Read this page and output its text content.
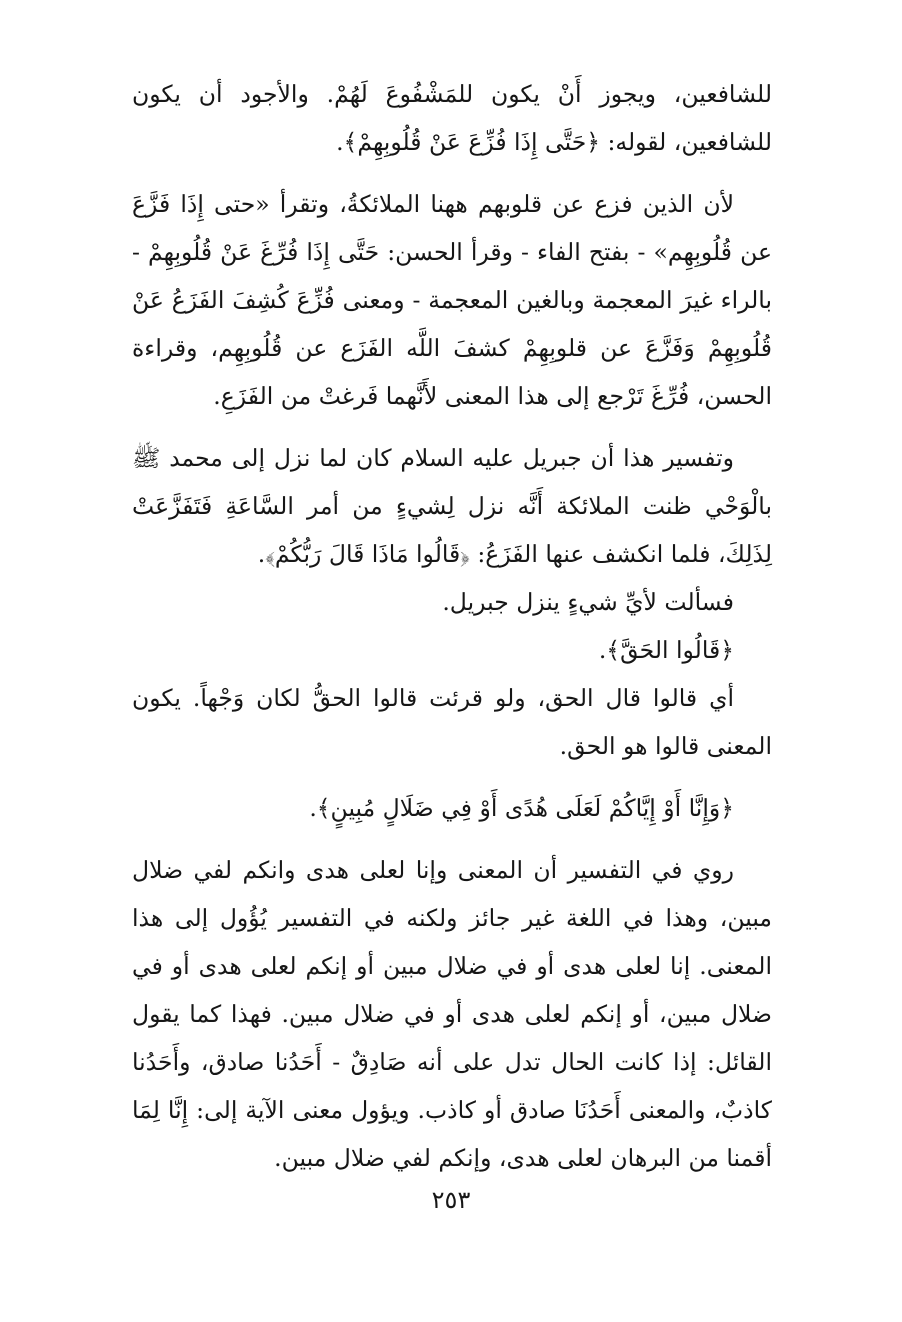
للشافعين، ويجوز أَنْ يكون للمَشْفُوعَ لَهُمْ. والأجود أن يكون للشافعين، لقوله: ﴿حَتَّى إِذَا فُزِّعَ عَنْ قُلُوبِهِمْ﴾.

لأن الذين فزع عن قلوبهم ههنا الملائكةُ، وتقرأ «حتى إِذَا فَزَّعَ عن قُلُوبِهِم» - بفتح الفاء - وقرأ الحسن: حَتَّى إِذَا فُرِّغَ عَنْ قُلُوبِهِمْ - بالراء غيرَ المعجمة وبالغين المعجمة - ومعنى فُزِّعَ كُشِفَ الفَزَعُ عَنْ قُلُوبِهِمْ وَفَزَّعَ عن قلوبِهِمْ كشفَ اللَّه الفَزَع عن قُلُوبِهِم، وقراءة الحسن، فُرِّغَ تَرْجع إلى هذا المعنى لأَنَّهما فَرغتْ من الفَزَعِ.

وتفسير هذا أن جبريل عليه السلام كان لما نزل إلى محمد ﷺ بالْوَحْي ظنت الملائكة أَنَّه نزل لِشيءٍ من أمر السَّاعَةِ فَتَفَزَّعَتْ لِذَلِكَ، فلما انكشف عنها الفَزَعُ: ﴿قَالُوا مَاذَا قَالَ رَبُّكُمْ﴾.

فسألت لأيِّ شيءٍ ينزل جبريل.

﴿قَالُوا الحَقَّ﴾.

أي قالوا قال الحق، ولو قرئت قالوا الحقُّ لكان وَجْهاً. يكون المعنى قالوا هو الحق.

﴿وَإِنَّا أَوْ إِيَّاكُمْ لَعَلَى هُدًى أَوْ فِي ضَلَالٍ مُبِينٍ﴾.

روي في التفسير أن المعنى وإنا لعلى هدى وانكم لفي ضلال مبين، وهذا في اللغة غير جائز ولكنه في التفسير يُؤُول إلى هذا المعنى. إنا لعلى هدى أو في ضلال مبين أو إنكم لعلى هدى أو في ضلال مبين، أو إنكم لعلى هدى أو في ضلال مبين. فهذا كما يقول القائل: إذا كانت الحال تدل على أنه صَادِقٌ - أَحَدُنا صادق، وأَحَدُنا كاذبٌ، والمعنى أَحَدُنَا صادق أو كاذب. ويؤول معنى الآية إلى: إِنَّا لِمَا أقمنا من البرهان لعلى هدى، وإنكم لفي ضلال مبين.

٢٥٣
